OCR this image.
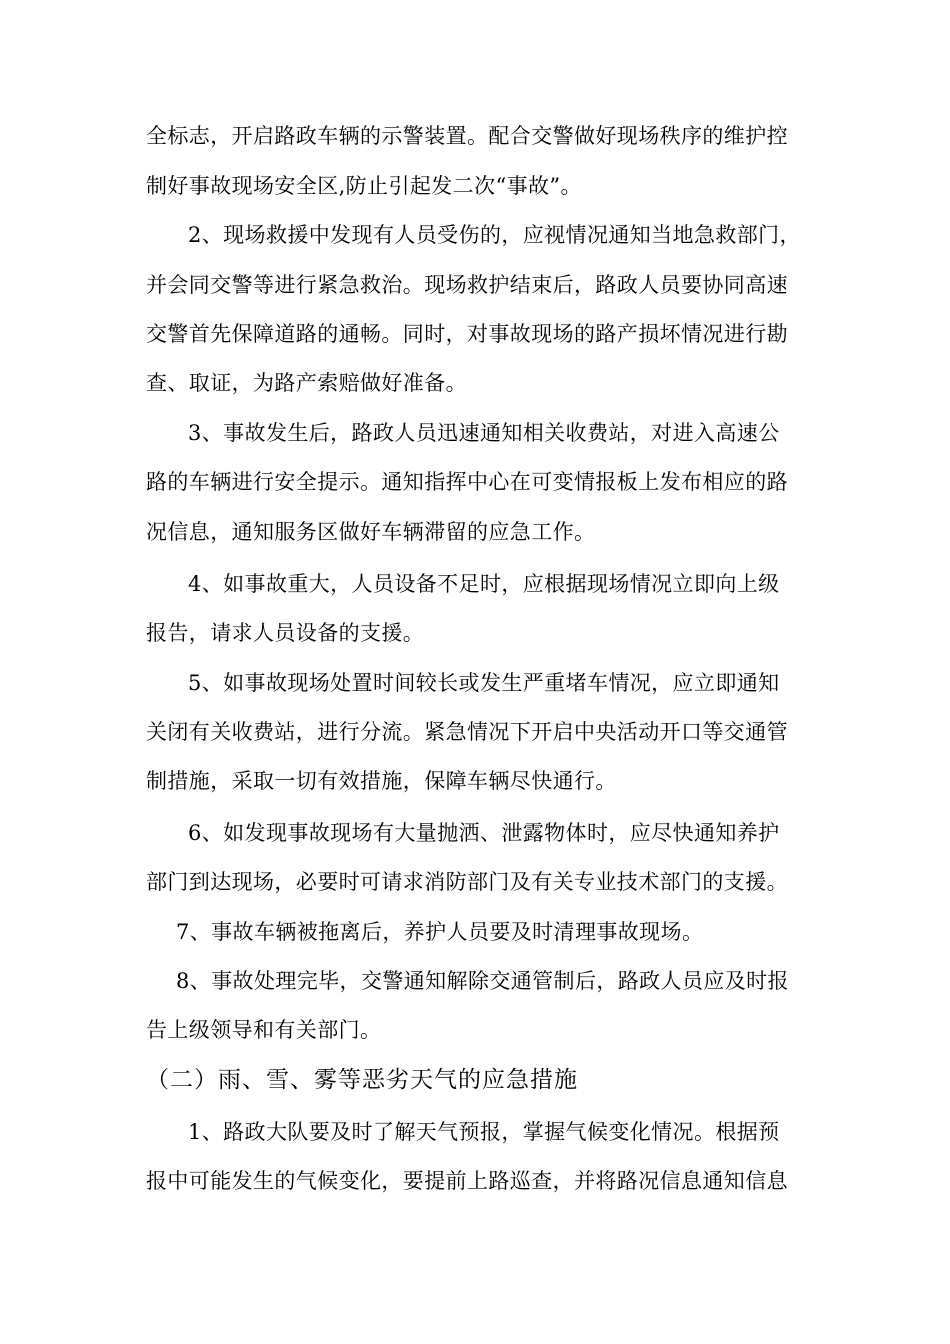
全标志，开启路政车辆的示警装置。配合交警做好现场秩序的维护控
制好事故现场安全区,防止引起发二次“事故”。
2、现场救援中发现有人员受伤的，应视情况通知当地急救部门，
并会同交警等进行紧急救治。现场救护结束后，路政人员要协同高速
交警首先保障道路的通畅。同时，对事故现场的路产损坏情况进行勘
查、取证，为路产索赔做好准备。
3、事故发生后，路政人员迅速通知相关收费站，对进入高速公
路的车辆进行安全提示。通知指挥中心在可变情报板上发布相应的路
况信息，通知服务区做好车辆滞留的应急工作。
4、如事故重大，人员设备不足时，应根据现场情况立即向上级
报告，请求人员设备的支援。
5、如事故现场处置时间较长或发生严重堵车情况，应立即通知
关闭有关收费站，进行分流。紧急情况下开启中央活动开口等交通管
制措施，采取一切有效措施，保障车辆尽快通行。
6、如发现事故现场有大量抛洒、泄露物体时，应尽快通知养护
部门到达现场，必要时可请求消防部门及有关专业技术部门的支援。
7、事故车辆被拖离后，养护人员要及时清理事故现场。
8、事故处理完毕，交警通知解除交通管制后，路政人员应及时报
告上级领导和有关部门。
（二）雨、雪、雾等恶劣天气的应急措施
1、路政大队要及时了解天气预报，掌握气候变化情况。根据预
报中可能发生的气候变化，要提前上路巡查，并将路况信息通知信息
